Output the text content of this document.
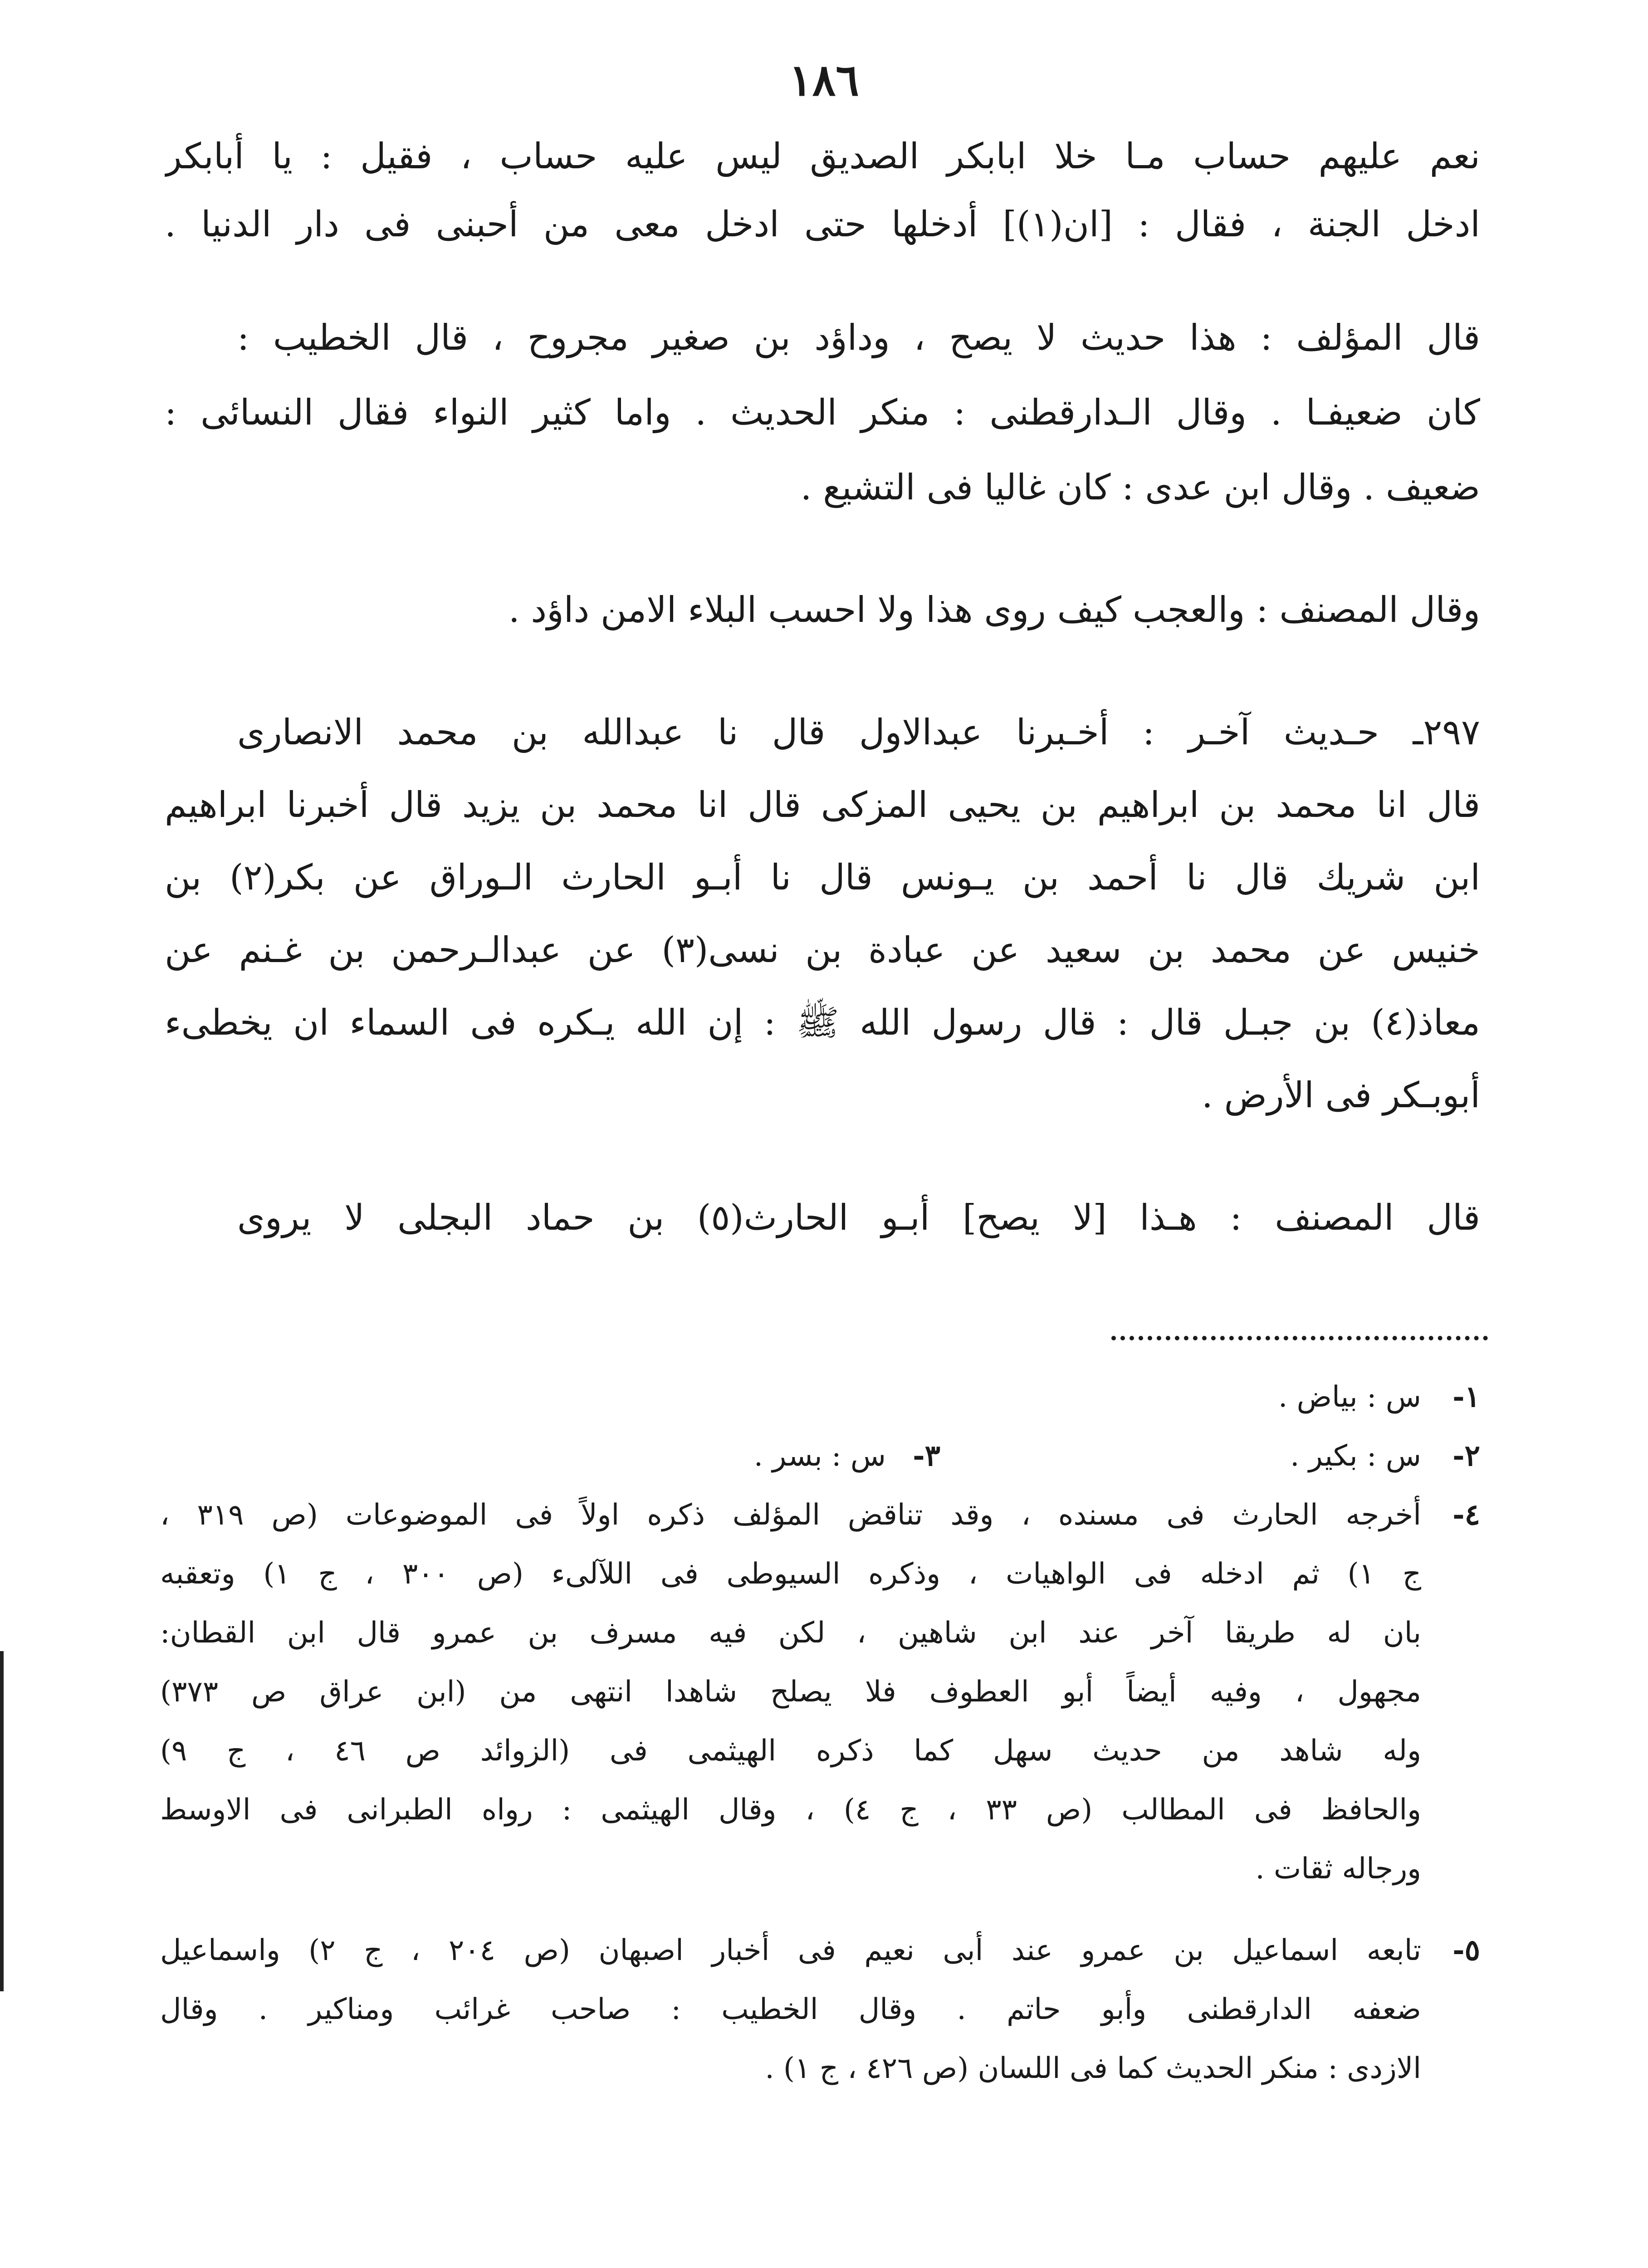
١٨٦
نعم عليهم حساب مـا خلا ابابكر الصديق ليس عليه حساب ، فقيل : يا أبابكر
ادخل الجنة ، فقال : [ان(١)] أدخلها حتى ادخل معى من أحبنى فى دار الدنيا .
قال المؤلف : هذا حديث لا يصح ، وداؤد بن صغير مجروح ، قال الخطيب :
كان ضعيفـا . وقال الـدارقطنى : منكر الحديث . واما كثير النواء فقال النسائى :
ضعيف . وقال ابن عدى : كان غاليا فى التشيع .
وقال المصنف : والعجب كيف روى هذا ولا احسب البلاء الامن داؤد .
٢٩٧ـ حـديث آخـر : أخـبرنا عبدالاول قال نا عبدالله بن محمد الانصارى
قال انا محمد بن ابراهيم بن يحيى المزكى قال انا محمد بن يزيد قال أخبرنا ابراهيم
ابن شريك قال نا أحمد بن يـونس قال نا أبـو الحارث الـوراق عن بكر(٢) بن
خنيس عن محمد بن سعيد عن عبادة بن نسى(٣) عن عبدالـرحمن بن غـنم عن
معاذ(٤) بن جبـل قال : قال رسول الله ﷺ : إن الله يـكره فى السماء ان يخطىء
أبوبـكر فى الأرض .
قال المصنف : هـذا [لا يصح] أبـو الحارث(٥) بن حماد البجلى لا يروى
١-
س : بياض .
٢-
س : بكير .
٣-
س : بسر .
٤-
أخرجه الحارث فى مسنده ، وقد تناقض المؤلف ذكره اولاً فى الموضوعات (ص ٣١٩ ،
ج ١) ثم ادخله فى الواهيات ، وذكره السيوطى فى اللآلىء (ص ٣٠٠ ، ج ١) وتعقبه
بان له طريقا آخر عند ابن شاهين ، لكن فيه مسرف بن عمرو قال ابن القطان:
مجهول ، وفيه أيضاً أبو العطوف فلا يصلح شاهدا انتهى من (ابن عراق ص ٣٧٣)
وله شاهد من حديث سهل كما ذكره الهيثمى فى (الزوائد ص ٤٦ ، ج ٩)
والحافظ فى المطالب (ص ٣٣ ، ج ٤) ، وقال الهيثمى : رواه الطبرانى فى الاوسط
ورجاله ثقات .
٥-
تابعه اسماعيل بن عمرو عند أبى نعيم فى أخبار اصبهان (ص ٢٠٤ ، ج ٢) واسماعيل
ضعفه الدارقطنى وأبو حاتم . وقال الخطيب : صاحب غرائب ومناكير . وقال
الازدى : منكر الحديث كما فى اللسان (ص ٤٢٦ ، ج ١) .
